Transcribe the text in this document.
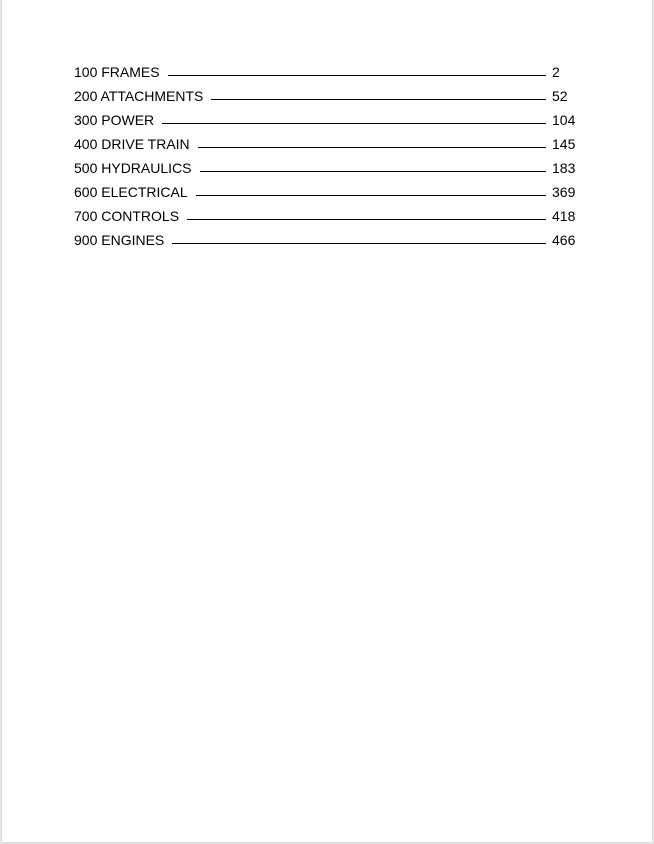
100 FRAMES	2
200 ATTACHMENTS	52
300 POWER	104
400 DRIVE TRAIN	145
500 HYDRAULICS	183
600 ELECTRICAL	369
700 CONTROLS	418
900 ENGINES	466
